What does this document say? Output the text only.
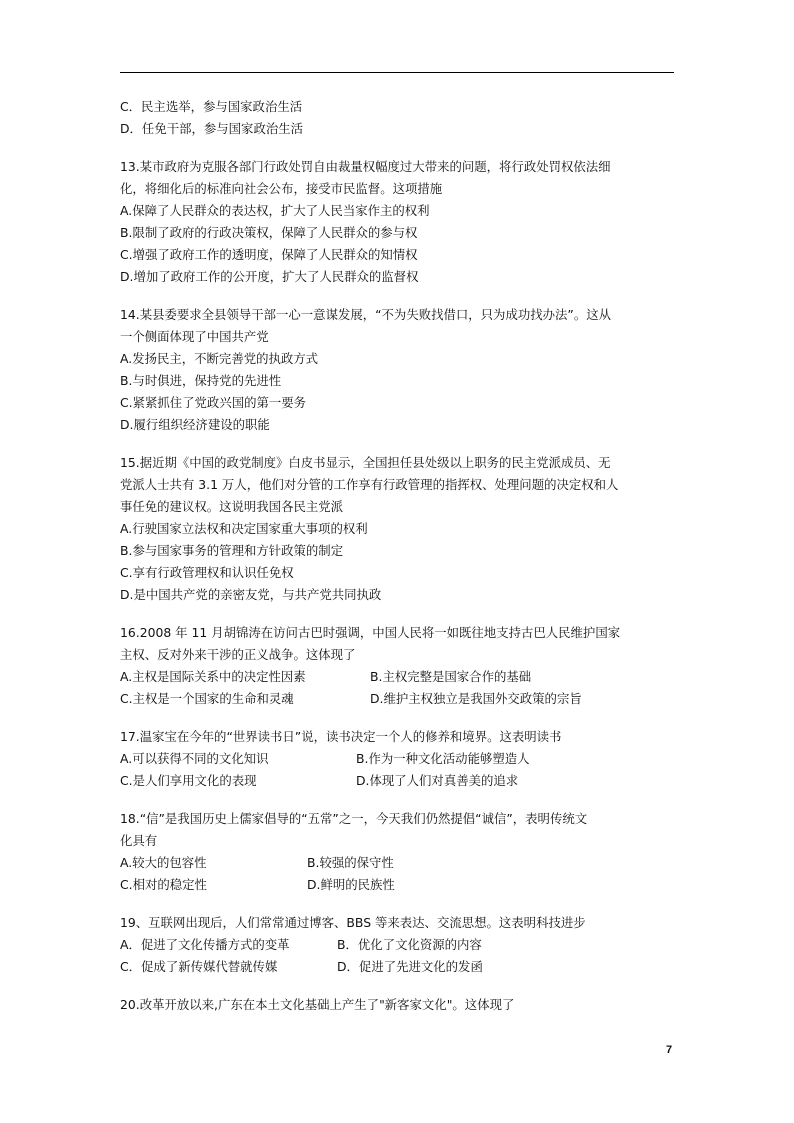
C．民主选举，参与国家政治生活
D．任免干部，参与国家政治生活
13.某市政府为克服各部门行政处罚自由裁量权幅度过大带来的问题，将行政处罚权依法细
化，将细化后的标准向社会公布，接受市民监督。这项措施
A.保障了人民群众的表达权，扩大了人民当家作主的权利
B.限制了政府的行政决策权，保障了人民群众的参与权
C.增强了政府工作的透明度，保障了人民群众的知情权
D.增加了政府工作的公开度，扩大了人民群众的监督权
14.某县委要求全县领导干部一心一意谋发展，“不为失败找借口，只为成功找办法”。这从
一个侧面体现了中国共产党
A.发扬民主，不断完善党的执政方式
B.与时俱进，保持党的先进性
C.紧紧抓住了党政兴国的第一要务
D.履行组织经济建设的职能
15.据近期《中国的政党制度》白皮书显示，全国担任县处级以上职务的民主党派成员、无
党派人士共有 3.1 万人，他们对分管的工作享有行政管理的指挥权、处理问题的决定权和人
事任免的建议权。这说明我国各民主党派
A.行驶国家立法权和决定国家重大事项的权利
B.参与国家事务的管理和方针政策的制定
C.享有行政管理权和认识任免权
D.是中国共产党的亲密友党，与共产党共同执政
16.2008 年 11 月胡锦涛在访问古巴时强调，中国人民将一如既往地支持古巴人民维护国家
主权、反对外来干涉的正义战争。这体现了
A.主权是国际关系中的决定性因素	B.主权完整是国家合作的基础
C.主权是一个国家的生命和灵魂	D.维护主权独立是我国外交政策的宗旨
17.温家宝在今年的“世界读书日”说，读书决定一个人的修养和境界。这表明读书
A.可以获得不同的文化知识	B.作为一种文化活动能够塑造人
C.是人们享用文化的表现	D.体现了人们对真善美的追求
18.“信”是我国历史上儒家倡导的“五常”之一，今天我们仍然提倡“诚信”，表明传统文
化具有
A.较大的包容性	B.较强的保守性
C.相对的稳定性	D.鲜明的民族性
19、互联网出现后，人们常常通过博客、BBS 等来表达、交流思想。这表明科技进步
A．促进了文化传播方式的变革	B．优化了文化资源的内容
C．促成了新传媒代替就传媒	D．促进了先进文化的发函
20.改革开放以来,广东在本土文化基础上产生了"新客家文化"。这体现了
7
